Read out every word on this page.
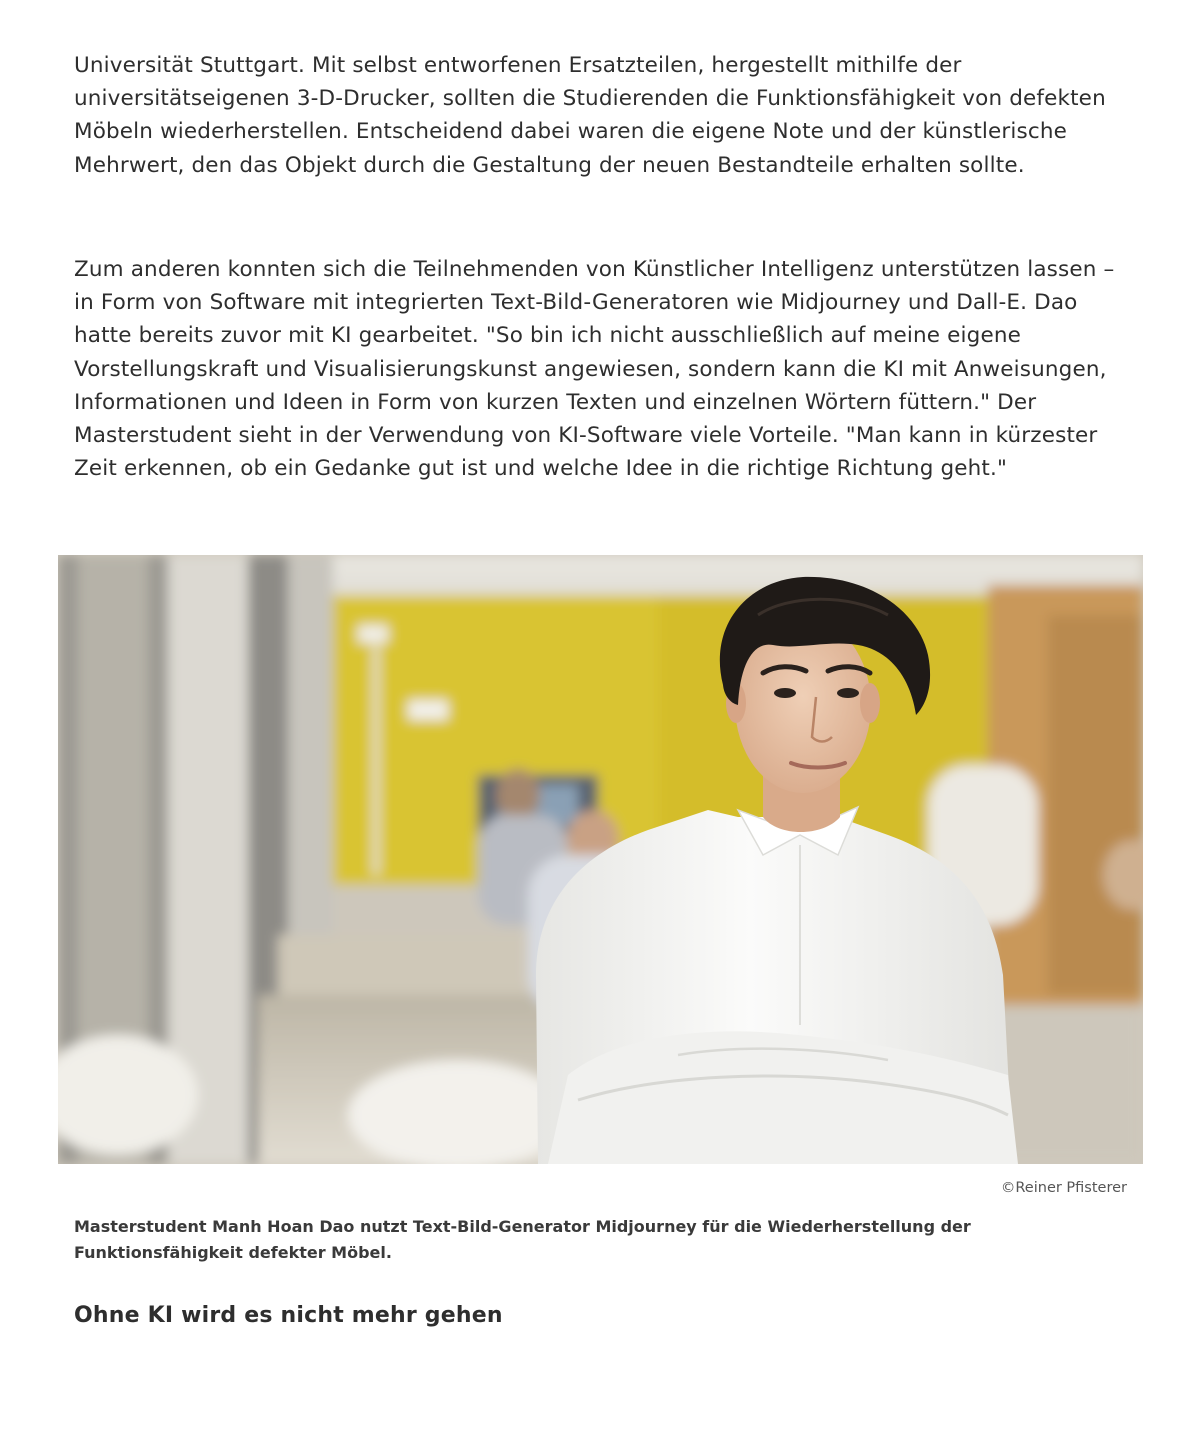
Universität Stuttgart. Mit selbst entworfenen Ersatzteilen, hergestellt mithilfe der universitätseigenen 3-D-Drucker, sollten die Studierenden die Funktionsfähigkeit von defekten Möbeln wiederherstellen. Entscheidend dabei waren die eigene Note und der künstlerische Mehrwert, den das Objekt durch die Gestaltung der neuen Bestandteile erhalten sollte.

Zum anderen konnten sich die Teilnehmenden von Künstlicher Intelligenz unterstützen lassen – in Form von Software mit integrierten Text-Bild-Generatoren wie Midjourney und Dall-E. Dao hatte bereits zuvor mit KI gearbeitet. "So bin ich nicht ausschließlich auf meine eigene Vorstellungskraft und Visualisierungskunst angewiesen, sondern kann die KI mit Anweisungen, Informationen und Ideen in Form von kurzen Texten und einzelnen Wörtern füttern." Der Masterstudent sieht in der Verwendung von KI-Software viele Vorteile. "Man kann in kürzester Zeit erkennen, ob ein Gedanke gut ist und welche Idee in die richtige Richtung geht."

©Reiner Pfisterer

Masterstudent Manh Hoan Dao nutzt Text-Bild-Generator Midjourney für die Wiederherstellung der Funktionsfähigkeit defekter Möbel.

Ohne KI wird es nicht mehr gehen
